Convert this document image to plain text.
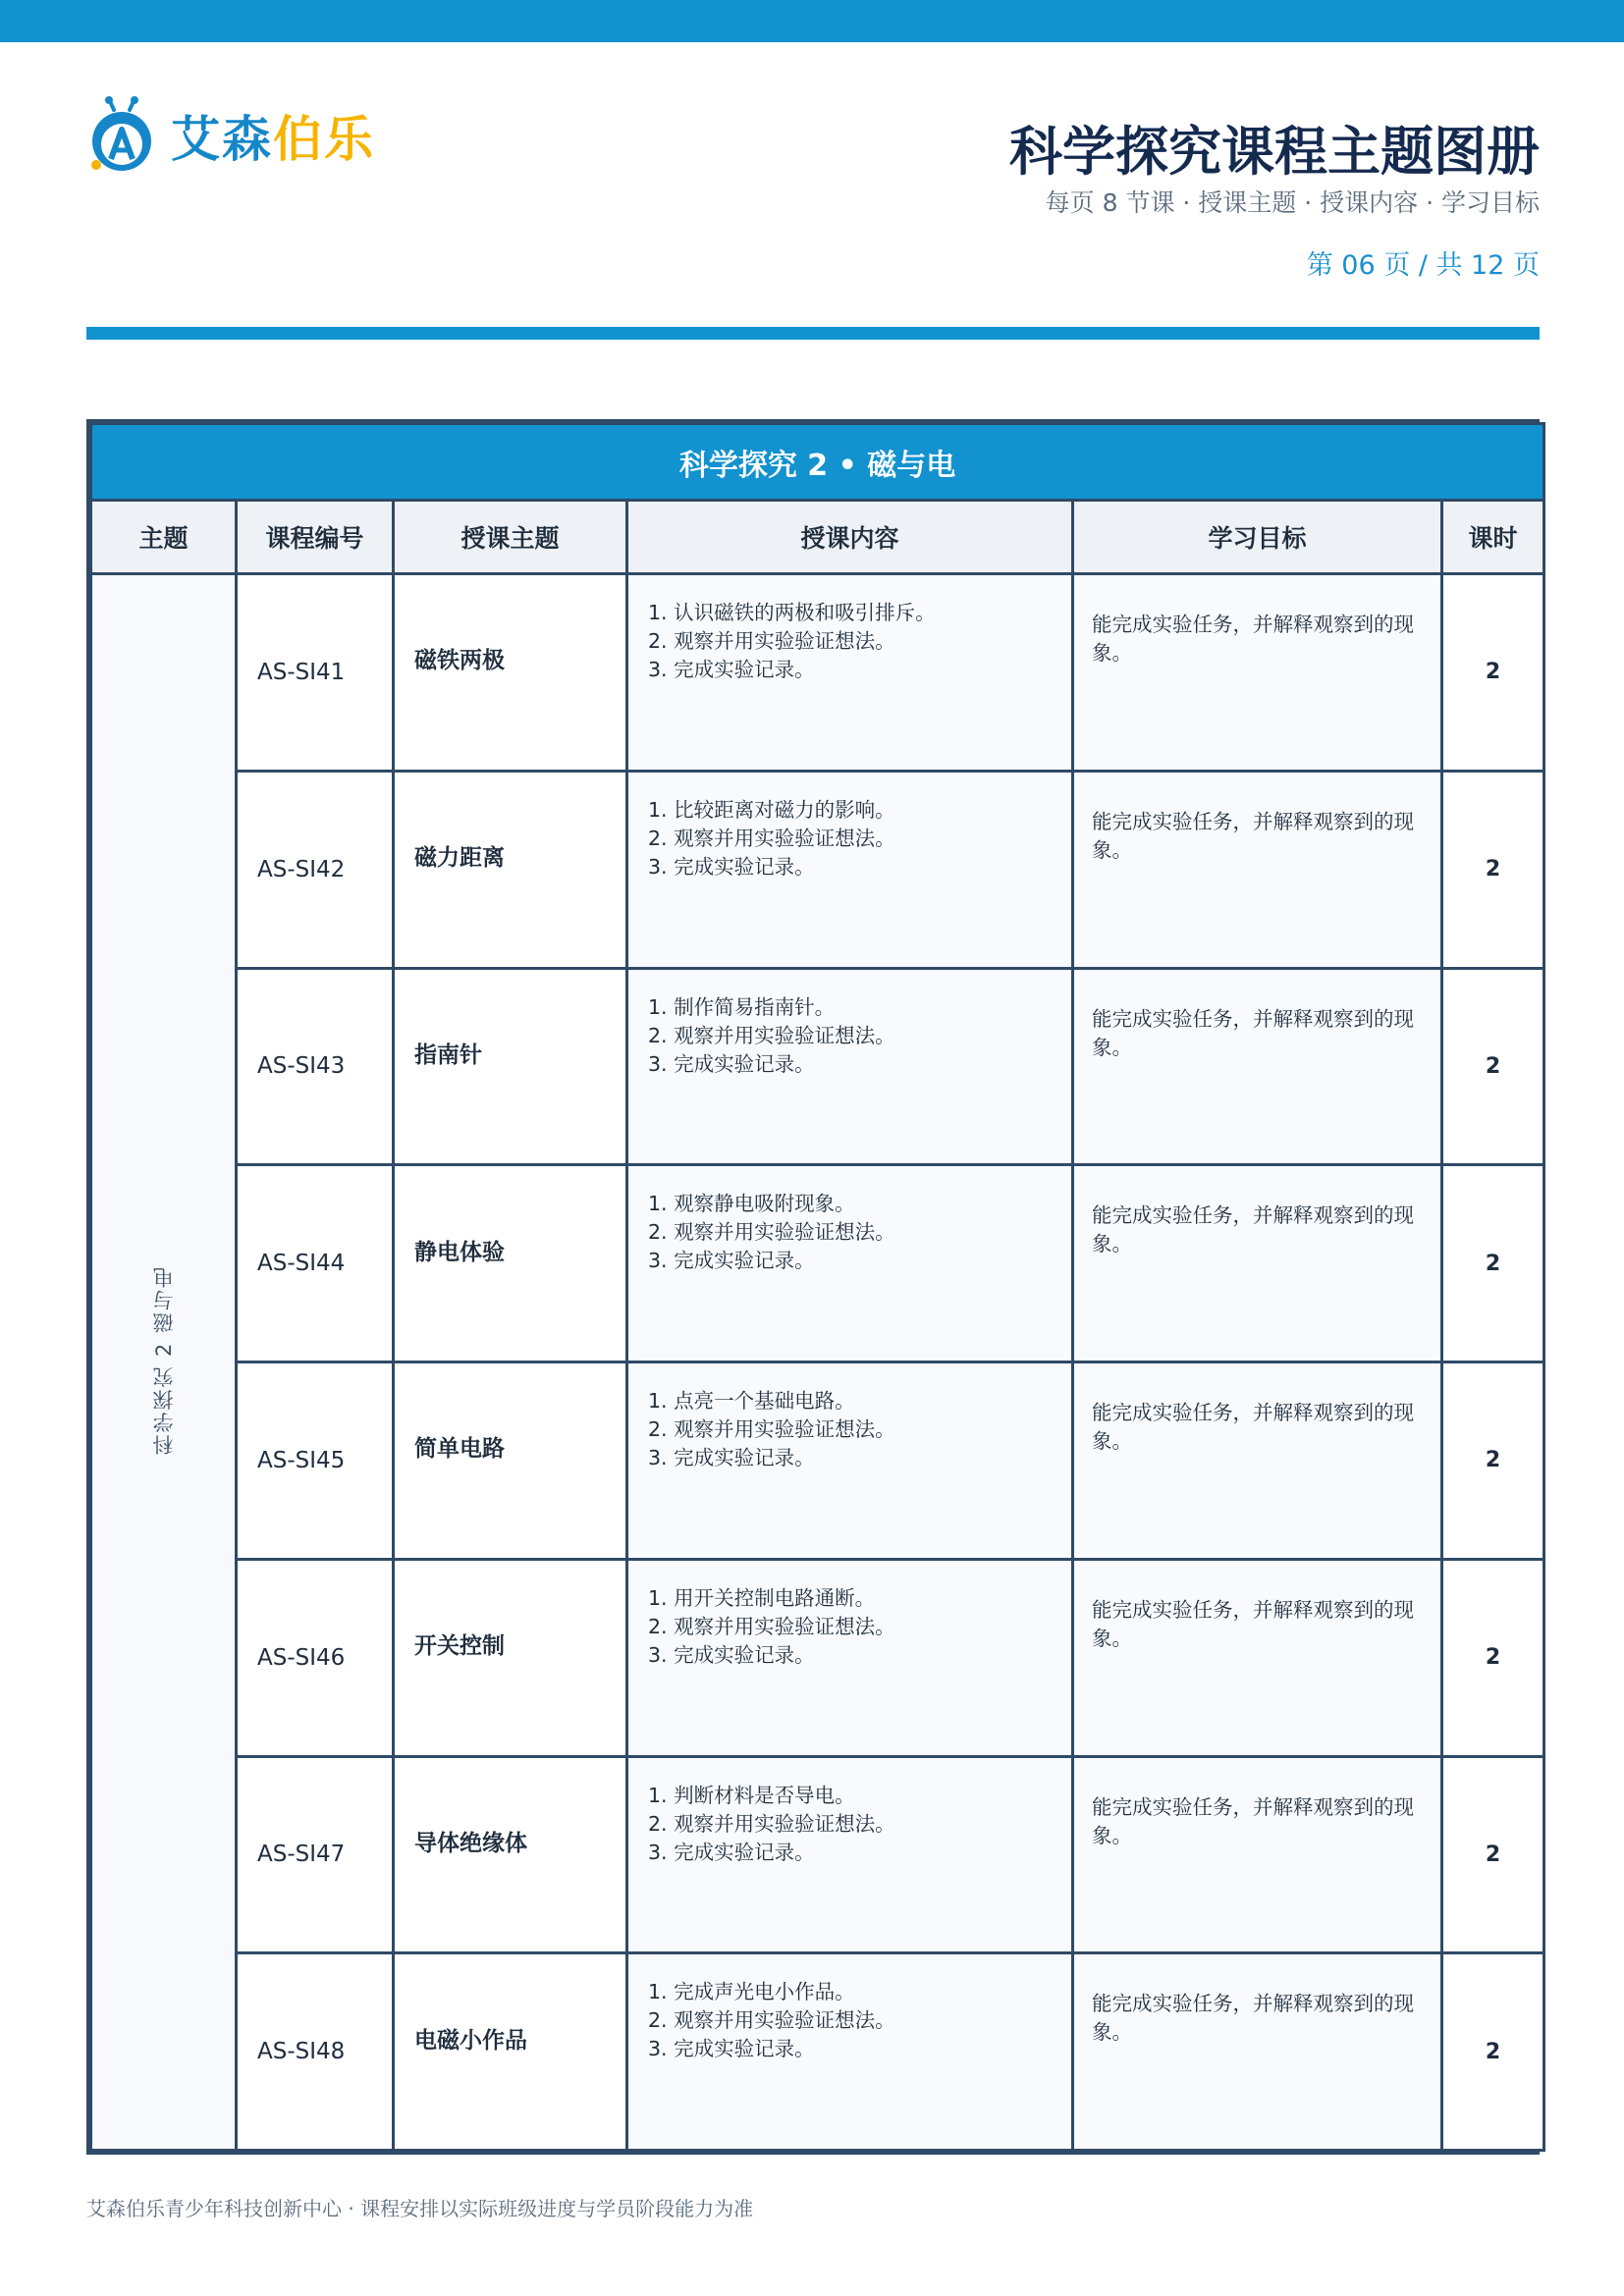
艾森伯乐	科学探究课程主题图册
每页 8 节课 · 授课主题 · 授课内容 · 学习目标
第 06 页 / 共 12 页
科学探究 2 • 磁与电					
主题	课程编号	授课主题	授课内容	学习目标	课时
科学探究 2 磁与电	AS-SI41	磁铁两极	1. 认识磁铁的两极和吸引排斥。
2. 观察并用实验验证想法。
3. 完成实验记录。	能完成实验任务，并解释观察到的现象。	2
	AS-SI42	磁力距离	1. 比较距离对磁力的影响。
2. 观察并用实验验证想法。
3. 完成实验记录。	能完成实验任务，并解释观察到的现象。	2
	AS-SI43	指南针	1. 制作简易指南针。
2. 观察并用实验验证想法。
3. 完成实验记录。	能完成实验任务，并解释观察到的现象。	2
	AS-SI44	静电体验	1. 观察静电吸附现象。
2. 观察并用实验验证想法。
3. 完成实验记录。	能完成实验任务，并解释观察到的现象。	2
	AS-SI45	简单电路	1. 点亮一个基础电路。
2. 观察并用实验验证想法。
3. 完成实验记录。	能完成实验任务，并解释观察到的现象。	2
	AS-SI46	开关控制	1. 用开关控制电路通断。
2. 观察并用实验验证想法。
3. 完成实验记录。	能完成实验任务，并解释观察到的现象。	2
	AS-SI47	导体绝缘体	1. 判断材料是否导电。
2. 观察并用实验验证想法。
3. 完成实验记录。	能完成实验任务，并解释观察到的现象。	2
	AS-SI48	电磁小作品	1. 完成声光电小作品。
2. 观察并用实验验证想法。
3. 完成实验记录。	能完成实验任务，并解释观察到的现象。	2
艾森伯乐青少年科技创新中心 · 课程安排以实际班级进度与学员阶段能力为准
